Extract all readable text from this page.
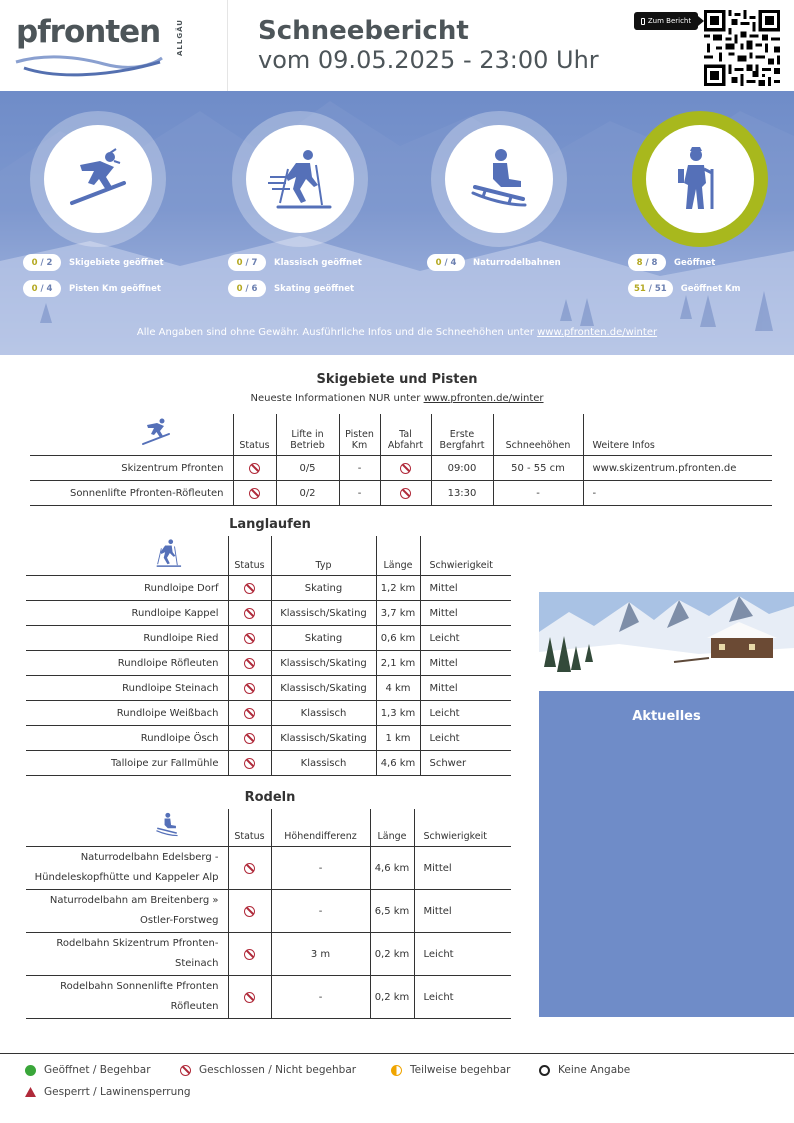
pfronten ALLGÄU	Schneebericht
vom 09.05.2025 - 23:00 Uhr
Zum Bericht
0 / 2 Skigebiete geöffnet
0 / 4 Pisten Km geöffnet
0 / 7 Klassisch geöffnet
0 / 6 Skating geöffnet
0 / 4 Naturrodelbahnen	8 / 8 Geöffnet
51 / 51 Geöffnet Km
Alle Angaben sind ohne Gewähr. Ausführliche Infos und die Schneehöhen unter www.pfronten.de/winter
Skigebiete und Pisten
Neueste Informationen NUR unter www.pfronten.de/winter
	Status	Lifte in Betrieb	Pisten Km	Tal Abfahrt	Erste Bergfahrt	Schneehöhen	Weitere Infos
Skizentrum Pfronten		0/5	-		09:00	50 - 55 cm	www.skizentrum.pfronten.de
Sonnenlifte Pfronten-Röfleuten		0/2	-		13:30	-	-
Langlaufen
	Status	Typ	Länge	Schwierigkeit
Rundloipe Dorf		Skating	1,2 km	Mittel
Rundloipe Kappel		Klassisch/Skating	3,7 km	Mittel
Rundloipe Ried		Skating	0,6 km	Leicht
Rundloipe Röfleuten		Klassisch/Skating	2,1 km	Mittel
Rundloipe Steinach		Klassisch/Skating	4 km	Mittel
Rundloipe Weißbach		Klassisch	1,3 km	Leicht
Rundloipe Ösch		Klassisch/Skating	1 km	Leicht
Talloipe zur Fallmühle		Klassisch	4,6 km	Schwer
Rodeln
	Status	Höhendifferenz	Länge	Schwierigkeit
Naturrodelbahn Edelsberg -
Hündeleskopfhütte und Kappeler Alp		-	4,6 km	Mittel
Naturrodelbahn am Breitenberg »
Ostler-Forstweg		-	6,5 km	Mittel
Rodelbahn Skizentrum Pfronten-
Steinach		3 m	0,2 km	Leicht
Rodelbahn Sonnenlifte Pfronten
Röfleuten		-	0,2 km	Leicht
Aktuelles
Geöffnet / Begehbar	Geschlossen / Nicht begehbar	Teilweise begehbar	Keine Angabe
Gesperrt / Lawinensperrung
